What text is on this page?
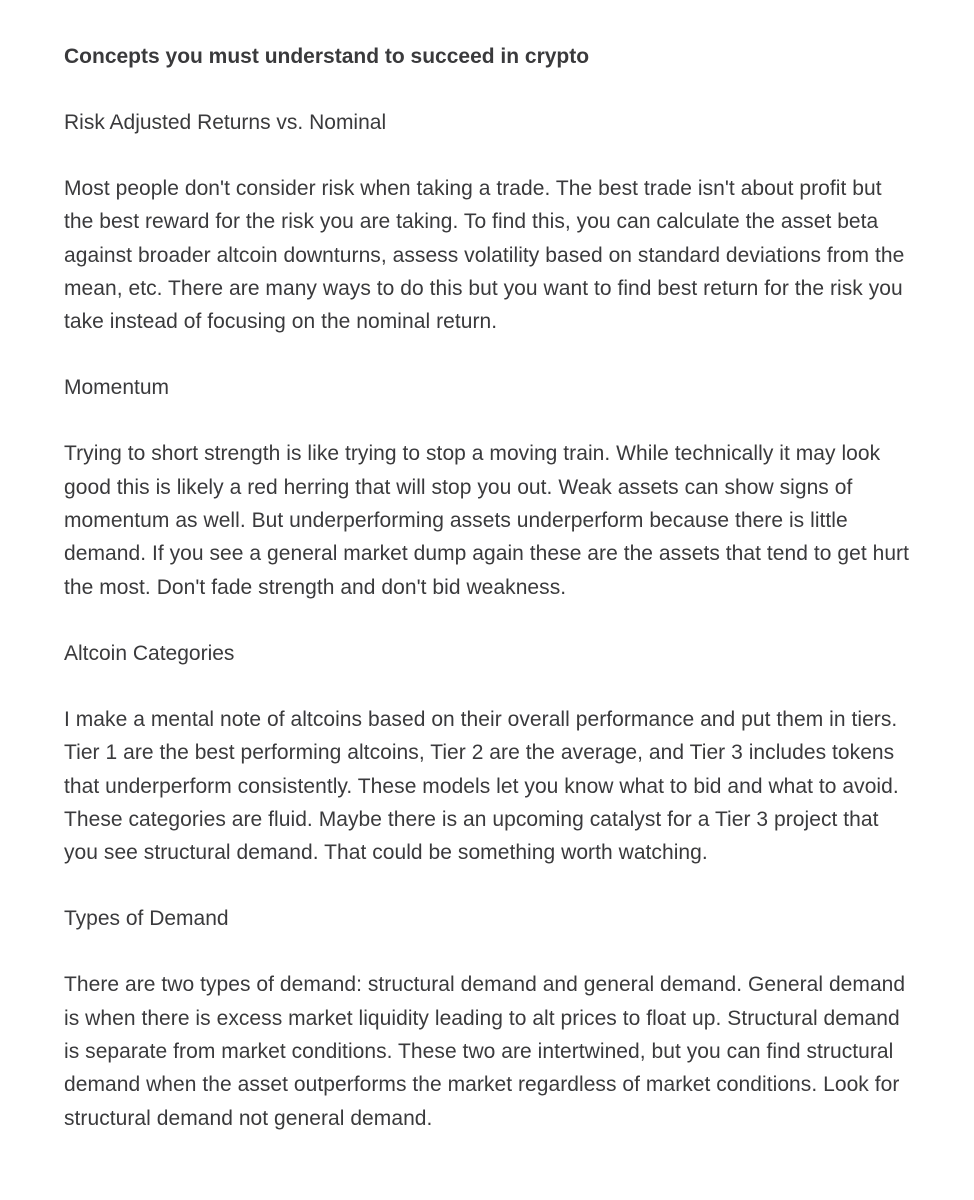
Concepts you must understand to succeed in crypto
Risk Adjusted Returns vs. Nominal
Most people don't consider risk when taking a trade. The best trade isn't about profit but the best reward for the risk you are taking. To find this, you can calculate the asset beta against broader altcoin downturns, assess volatility based on standard deviations from the mean, etc. There are many ways to do this but you want to find best return for the risk you take instead of focusing on the nominal return.
Momentum
Trying to short strength is like trying to stop a moving train. While technically it may look good this is likely a red herring that will stop you out. Weak assets can show signs of momentum as well. But underperforming assets underperform because there is little demand. If you see a general market dump again these are the assets that tend to get hurt the most. Don't fade strength and don't bid weakness.
Altcoin Categories
I make a mental note of altcoins based on their overall performance and put them in tiers. Tier 1 are the best performing altcoins, Tier 2 are the average, and Tier 3 includes tokens that underperform consistently. These models let you know what to bid and what to avoid. These categories are fluid. Maybe there is an upcoming catalyst for a Tier 3 project that you see structural demand. That could be something worth watching.
Types of Demand
There are two types of demand: structural demand and general demand. General demand is when there is excess market liquidity leading to alt prices to float up. Structural demand is separate from market conditions. These two are intertwined, but you can find structural demand when the asset outperforms the market regardless of market conditions. Look for structural demand not general demand.
